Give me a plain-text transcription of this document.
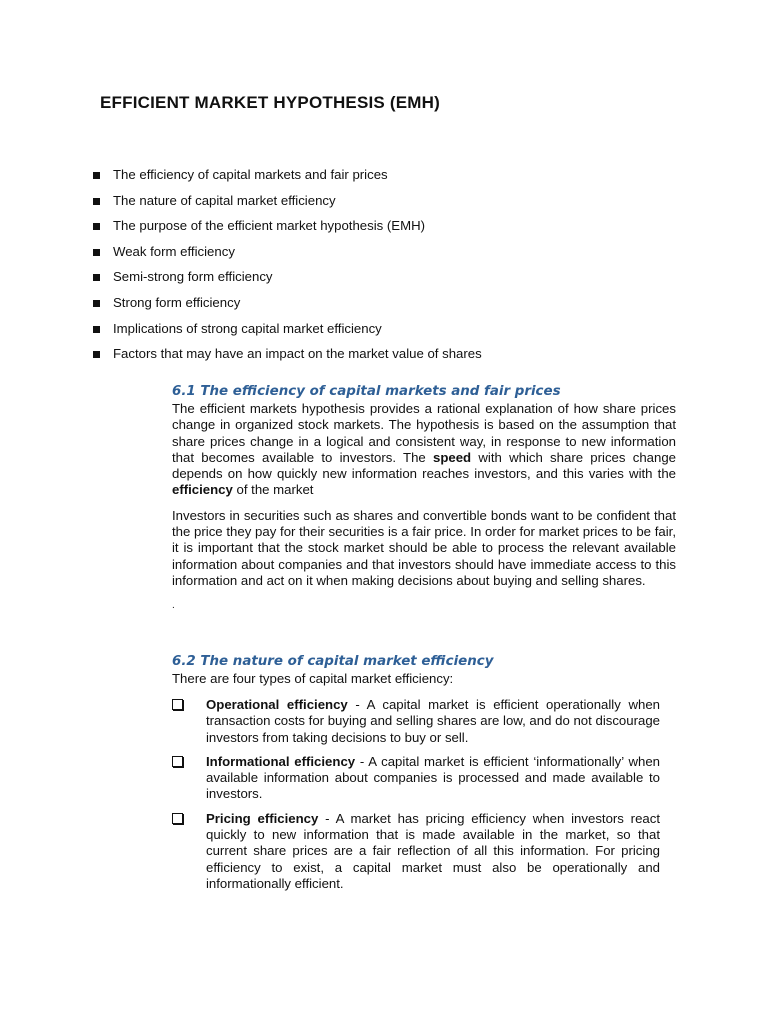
EFFICIENT MARKET HYPOTHESIS (EMH)
The efficiency of capital markets and fair prices
The nature of capital market efficiency
The purpose of the efficient market hypothesis (EMH)
Weak form efficiency
Semi-strong form efficiency
Strong form efficiency
Implications of strong capital market efficiency
Factors that may have an impact on the market value of shares
6.1 The efficiency of capital markets and fair prices

The efficient markets hypothesis provides a rational explanation of how share prices change in organized stock markets. The hypothesis is based on the assumption that share prices change in a logical and consistent way, in response to new information that becomes available to investors. The speed with which share prices change depends on how quickly new information reaches investors, and this varies with the efficiency of the market

Investors in securities such as shares and convertible bonds want to be confident that the price they pay for their securities is a fair price. In order for market prices to be fair, it is important that the stock market should be able to process the relevant available information about companies and that investors should have immediate access to this information and act on it when making decisions about buying and selling shares.

.
6.2 The nature of capital market efficiency

There are four types of capital market efficiency:

Operational efficiency - A capital market is efficient operationally when transaction costs for buying and selling shares are low, and do not discourage investors from taking decisions to buy or sell.
Informational efficiency - A capital market is efficient ‘informationally’ when available information about companies is processed and made available to investors.
Pricing efficiency - A market has pricing efficiency when investors react quickly to new information that is made available in the market, so that current share prices are a fair reflection of all this information. For pricing efficiency to exist, a capital market must also be operationally and informationally efficient.
